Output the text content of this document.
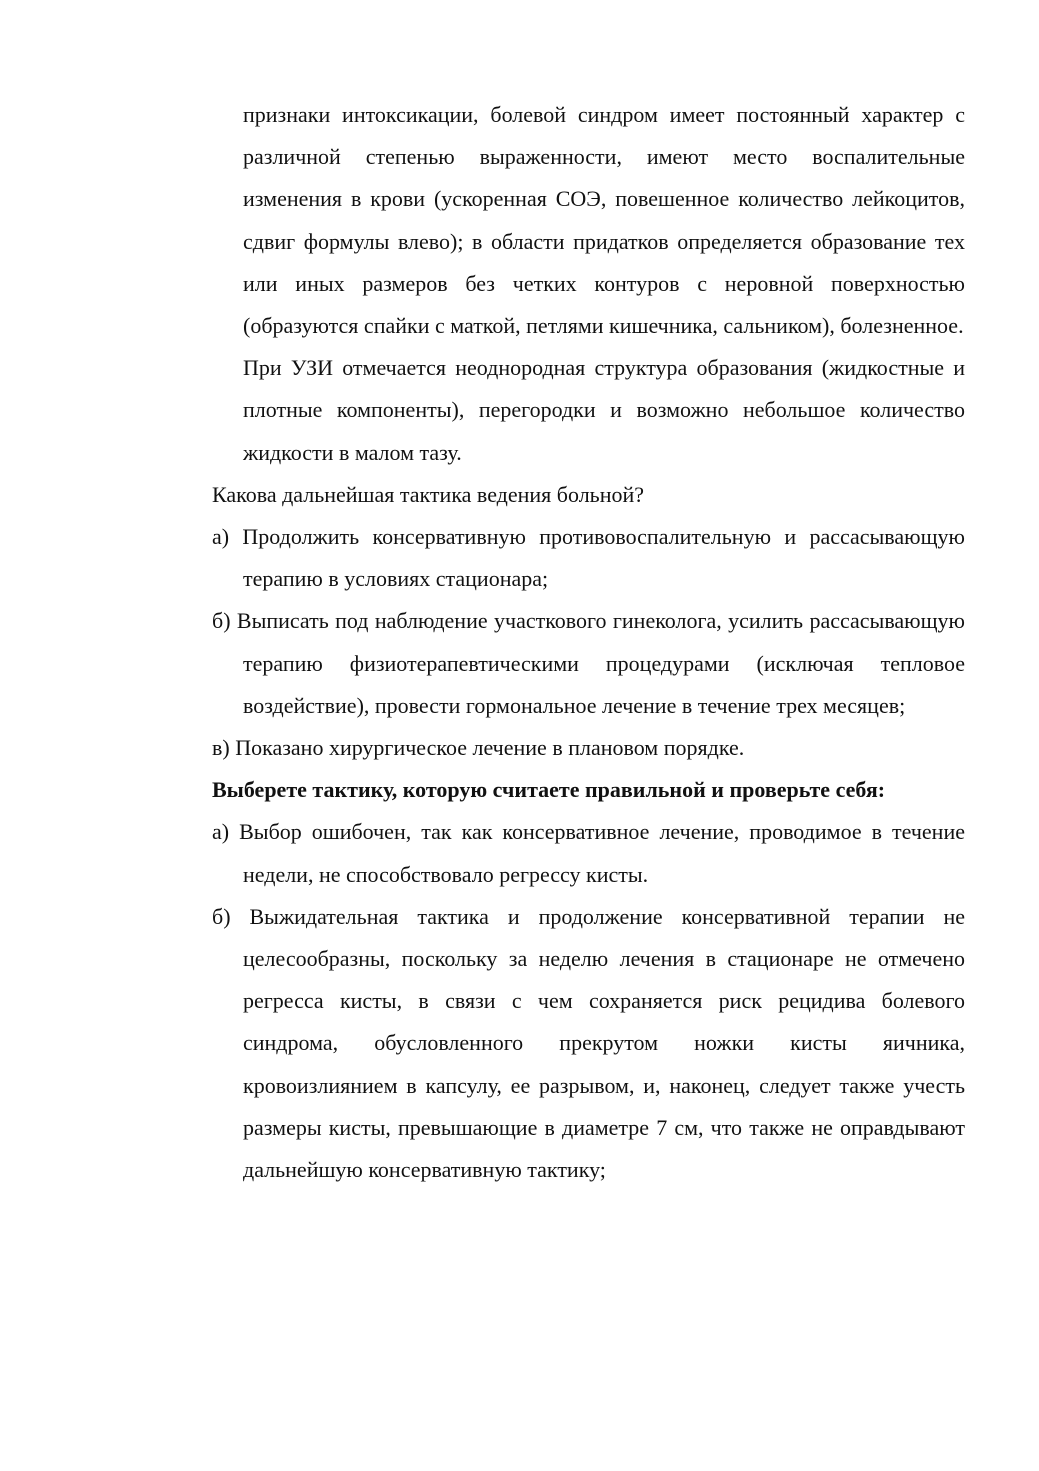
признаки интоксикации, болевой синдром имеет постоянный характер с различной степенью выраженности, имеют место воспалительные изменения в крови (ускоренная СОЭ, повешенное количество лейкоцитов, сдвиг формулы влево); в области придатков определяется образование тех или иных размеров без четких контуров с неровной поверхностью (образуются спайки с маткой, петлями кишечника, сальником), болезненное.

При УЗИ отмечается неоднородная структура образования (жидкостные и плотные компоненты), перегородки и возможно небольшое количество жидкости в малом тазу.

Какова дальнейшая тактика ведения больной?

а) Продолжить консервативную противовоспалительную и рассасывающую терапию в условиях стационара;

б) Выписать под наблюдение участкового гинеколога, усилить рассасывающую терапию физиотерапевтическими процедурами (исключая тепловое воздействие), провести гормональное лечение в течение трех месяцев;

в) Показано хирургическое лечение в плановом порядке.

Выберете тактику, которую считаете правильной и проверьте себя:

а) Выбор ошибочен, так как консервативное лечение, проводимое в течение недели, не способствовало регрессу кисты.

б) Выжидательная тактика и продолжение консервативной терапии не целесообразны, поскольку за неделю лечения в стационаре не отмечено регресса кисты, в связи с чем сохраняется риск рецидива болевого синдрома, обусловленного прекрутом ножки кисты яичника, кровоизлиянием в капсулу, ее разрывом, и, наконец, следует также учесть размеры кисты, превышающие в диаметре 7 см, что также не оправдывают дальнейшую консервативную тактику;
